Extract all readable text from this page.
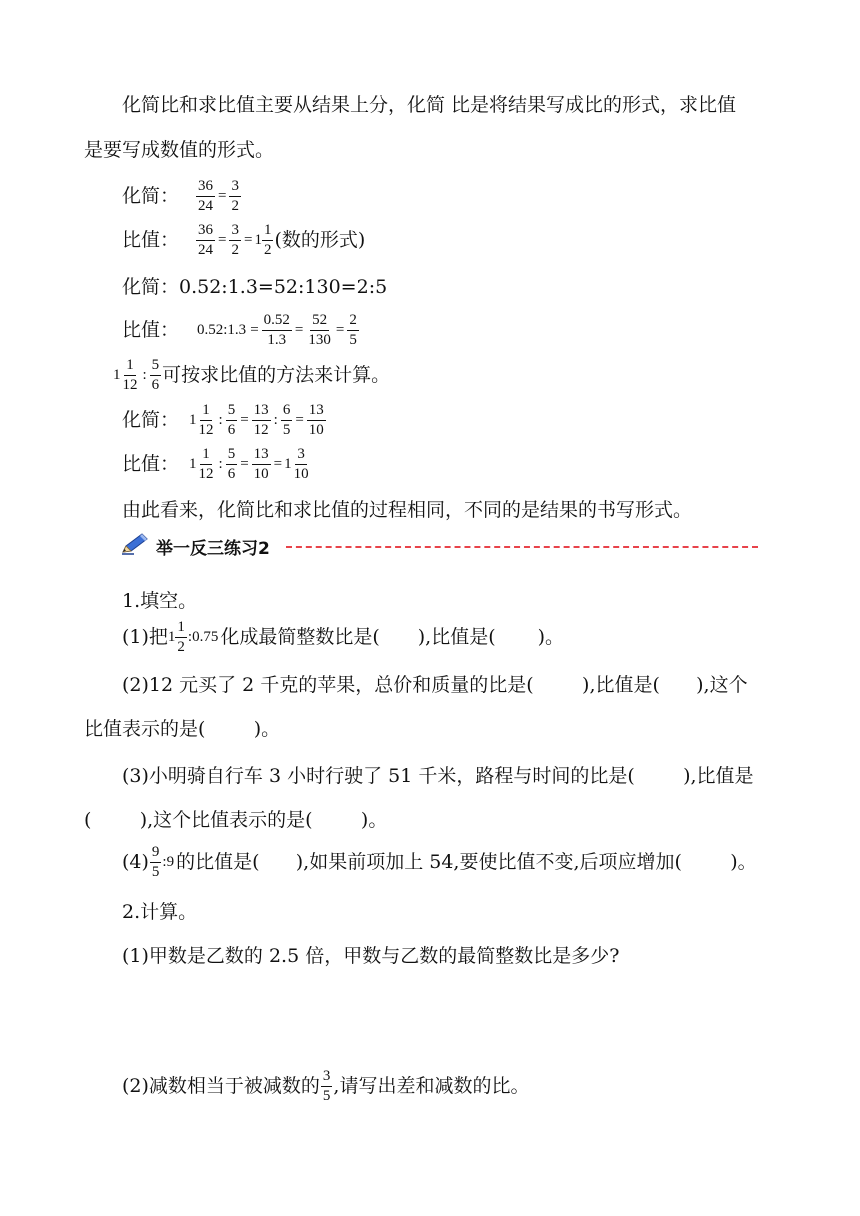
化简比和求比值主要从结果上分，化简 比是将结果写成比的形式，求比值
是要写成数值的形式。
化简： $\frac{36}{24} = \frac{3}{2}$
比值： $\frac{36}{24} = \frac{3}{2} = 1 \frac{1}{2}$ (数的形式)
化简：0.52:1.3=52:130=2:5
比值： 0.52:1.3 = $\frac{0.52}{1.3} = \frac{52}{130} = \frac{2}{5}$
$1 \frac{1}{12}$ : $\frac{5}{6}$ 可按求比值的方法来计算。
化简： $1 \frac{1}{12}$ : $\frac{5}{6} = \frac{13}{12}$ : $\frac{6}{5} = \frac{13}{10}$
比值： $1 \frac{1}{12}$ : $\frac{5}{6} = \frac{13}{10} = 1 \frac{3}{10}$
由此看来，化简比和求比值的过程相同，不同的是结果的书写形式。
举一反三练习2
1.填空。
(1)把 $1 \frac{1}{2}$ :0.75 化成最简整数比是( ),比值是( )。
(2)12 元买了 2 千克的苹果，总价和质量的比是(        ),比值是(      ),这个
比值表示的是(        )。
(3)小明骑自行车 3 小时行驶了 51 千米，路程与时间的比是(        ),比值是
(        ),这个比值表示的是(        )。
$(4) \frac{9}{5}$ :9 的比值是(      ),如果前项加上 54,要使比值不变,后项应增加(        )。
2.计算。
(1)甲数是乙数的 2.5 倍，甲数与乙数的最简整数比是多少?
(2)减数相当于被减数的 $\frac{3}{5}$ ,请写出差和减数的比。
